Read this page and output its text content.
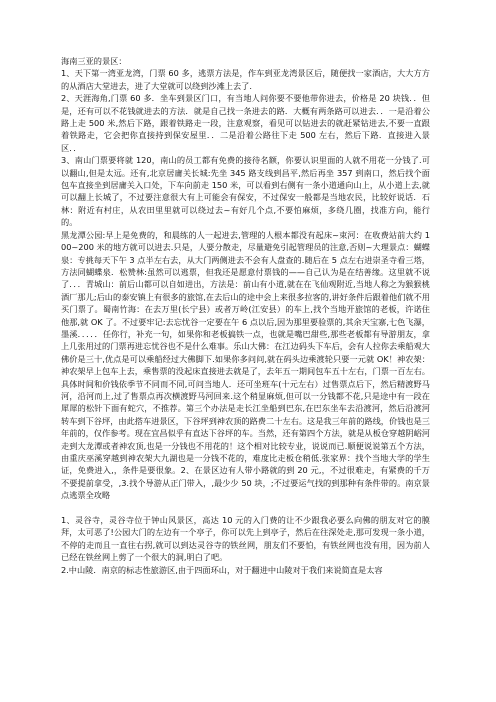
海南三亚的景区：

1、天下第一湾亚龙湾，门票 60 多，逃票方法是，作车到亚龙湾景区后，随便找一家酒店，大大方方的从酒店大堂进去，进了大堂就可以绕到沙滩上去了.

2、天涯海角,门票 60 多．坐车到景区门口，有当地人问你要不要他带你进去，价格是 20 块钱．．但是，还有可以不花钱就进去的方法．就是自己找一条进去的路．大概有两条路可以进去．．一是沿着公路上走 500 米,然后下路，跟着铁路走一段，注意观察，看见可以钻进去的就赶紧钻进去,不要一直跟着铁路走，它会把你直接持到保安屋里．．二是沿着公路往下走 500 左右，然后下路．直接进入景区．．

3、南山门票要将就 120，南山的员工都有免费的接待名额，你要认识里面的人就不用花一分钱了.可以翻山,但是太远。还有,北京居庸关长城:先坐 345 路支线到昌平,然后再坐 357 到南口，然后找个面包车直接坐到居庸关入口处，下车向前走 150 米，可以看到右侧有一条小道通向山上，从小道上去,就可以翻上长城了，不过要注意很大有上可能会有保安，不过保安一般都是当地农民，比较好说话．石林：附近有村庄，从农田里里就可以绕过去~有好几个点,不要怕麻烦，多绕几圈，找准方向，能行的。

黑龙潭公园:早上是免费的，和晨练的人一起进去,管理的人根本都没有起床~束河：在收费站前大约 100~200 米的地方就可以进去.只是，人要分散走，尽量避免引起管理员的注意,否则~大理景点：蝴蝶泉：专挑每天下午 3 点半左右去，从大门两侧进去不会有人盘查的.随后在 5 点左右进崇圣寺看三塔，方法同蝴蝶泉．松赞林:虽然可以逃票，但我还是愿意付票钱的——自己认为是在结善缘。这里就不说了．．．青城山：前后山都可以自如进出，方法是：前山有小道,就在在飞仙观附近,当地人称之为猴猴桃酒厂那儿;后山的泰安镇上有很多的旅馆,在去后山的途中会上来很多拉客的,讲好条件后跟着他们就不用买门票了。蜀南竹海：在去万里(长宁县）或者万岭(江安县）的车上,找个当地开旅馆的老板，许诺住他那,就 OK 了。不过要牢记:去忘忧谷一定要在午 6 点以后,因为那里要验票的,其余天宝寨,七色飞瀑，墨溪．．．．．任你行，补充一句，如果你和老板搞铁一点，也就是嘴巴甜些,那些老板都有导游朋友，拿上几张用过的门票再进忘忧谷也不是什么难事。乐山大佛：在江边码头下车后，会有人拉你去乘船观大佛价是三十,优点是可以乘船经过大佛脚下.如果你多问问,就在码头边乘渡轮只要一元就 OK！神农架：神农架早上包车上去，乘售票的没起床直接进去就是了，去年五一期间包车五十左右，门票一百左右。具体时间和价钱依季节不同而不同,可问当地人．还可坐班车(十元左右）过售票点后下，然后精渡野马河，沿河而上,过了售票点再次横渡野马河回来.这个稍显麻烦,但可以一分钱都不花,只是途中有一段在犀犀的松针下面有蛇穴，不推荐。第三个办法是走长江坐船到巴东,在巴东坐车去沿渡河，然后沿渡河转车到下谷坪，由此搭车进景区，下谷坪到神农顶的路费二十左右。这是我三年前的路线，价钱也是三年前的，仅作参考。现在宜昌似乎有直达下谷坪的车。当然，还有第四个方法，就是从板仓穿越阴峪河走到大龙潭或者神农顶,也是一分钱也不用花的！这个相对比较专业，说说而已.顺便说说第五个方法，由重庆巫溪穿越到神农架大九湖也是一分钱不花的，难度比走板仓稍低.张家界：找个当地大学的学生证，免费进入,，条件是要很象。2、在景区边有人带小路就的到 20 元,，不过很难走，有紧费的千万不要提前拿受，,3.找个导游从正门带入，,最少少 50 块，;不过要运气找的到那种有条件带的。南京景点逃票全攻略

1、灵谷寺，灵谷寺位于钟山风景区，高达 10 元的入门费的让不少跟我必要么向佛的朋友对它的膜拜，太可恶了!公园大门的左边有一个亭子，你可以先上到亭子，然后在往深处走,那可发现一条小道，不停的走而且一直往右拐,就可以到达灵谷寺的铁丝网，朋友们不要怕，有铁丝网也没有用，因为前人已经在铁丝网上剪了一个很大的洞,明白了吧。

2.中山陵．南京的标志性旅游区,由于四面环山，对于翻进中山陵对于我们来说简直是太容
